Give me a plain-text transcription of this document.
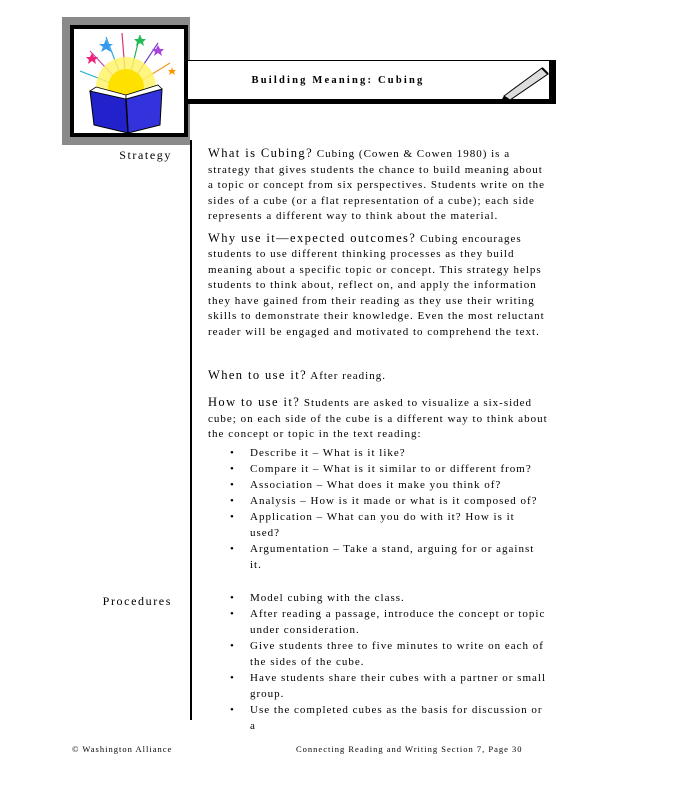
Building Meaning: Cubing
Strategy
Procedures

What is Cubing? Cubing (Cowen & Cowen 1980) is a strategy that gives students the chance to build meaning about a topic or concept from six perspectives. Students write on the sides of a cube (or a flat representation of a cube); each side represents a different way to think about the material.

Why use it—expected outcomes? Cubing encourages students to use different thinking processes as they build meaning about a specific topic or concept. This strategy helps students to think about, reflect on, and apply the information they have gained from their reading as they use their writing skills to demonstrate their knowledge. Even the most reluctant reader will be engaged and motivated to comprehend the text.

When to use it? After reading.

How to use it? Students are asked to visualize a six-sided cube; on each side of the cube is a different way to think about the concept or topic in the text reading:

• Describe it – What is it like?
• Compare it – What is it similar to or different from?
• Association – What does it make you think of?
• Analysis – How is it made or what is it composed of?
• Application – What can you do with it? How is it used?
• Argumentation – Take a stand, arguing for or against it.
• Model cubing with the class.
• After reading a passage, introduce the concept or topic under consideration.
• Give students three to five minutes to write on each of the sides of the cube.
• Have students share their cubes with a partner or small group.
• Use the completed cubes as the basis for discussion or a
© Washington Alliance	Connecting Reading and Writing Section 7, Page 30
